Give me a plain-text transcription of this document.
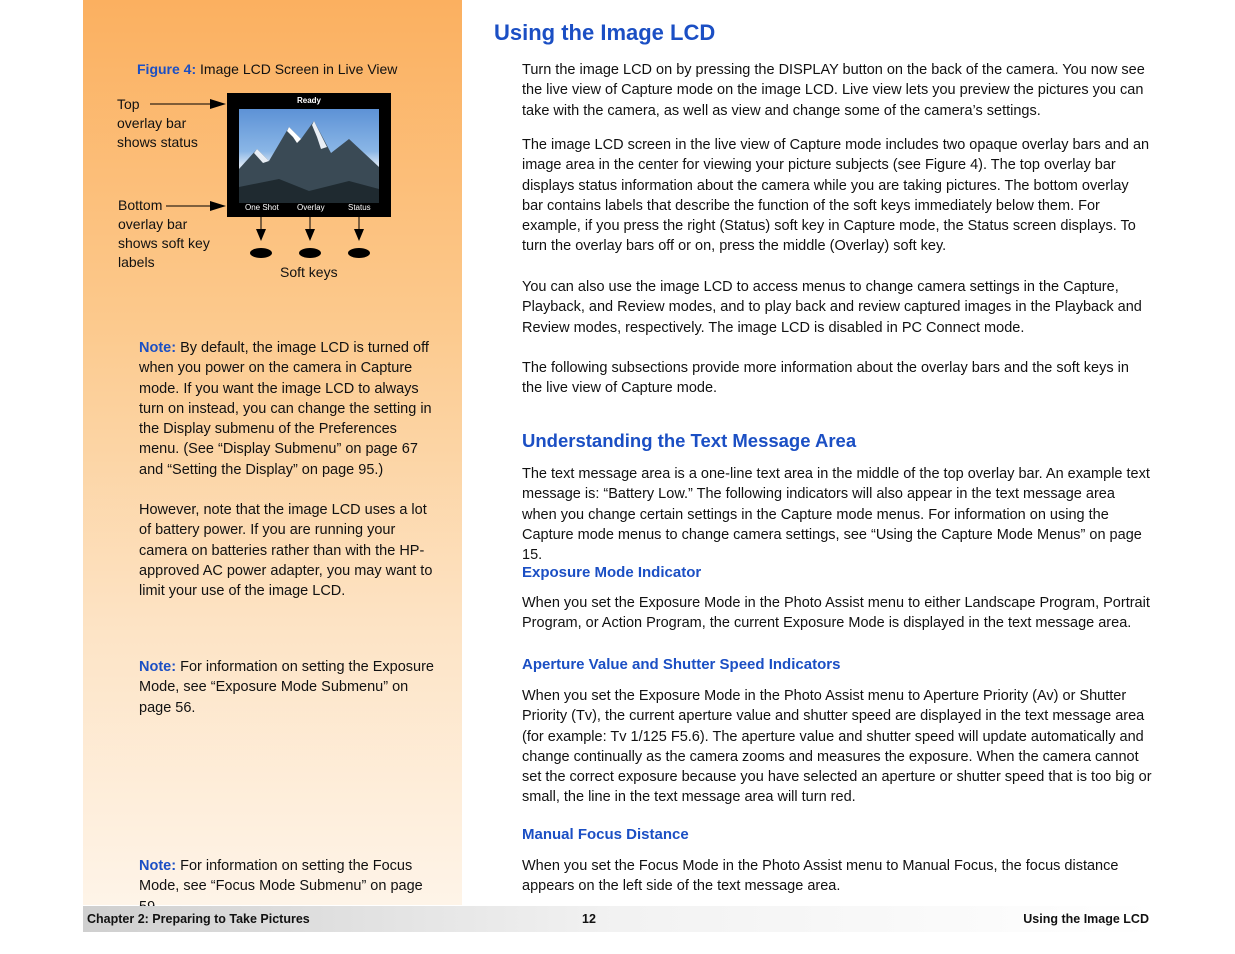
Figure 4: Image LCD Screen in Live View
Top
overlay bar
shows status
Bottom
overlay bar
shows soft key
labels
Ready
One Shot Overlay	Status
Soft keys
Note: By default, the image LCD is turned off when you power on the camera in Capture mode. If you want the image LCD to always turn on instead, you can change the setting in the Display submenu of the Preferences menu. (See “Display Submenu” on page 67 and “Setting the Display” on page 95.)
However, note that the image LCD uses a lot of battery power. If you are running your camera on batteries rather than with the HP-approved AC power adapter, you may want to limit your use of the image LCD.
Note: For information on setting the Exposure Mode, see “Exposure Mode Submenu” on page 56.
Note: For information on setting the Focus Mode, see “Focus Mode Submenu” on page
Using the Image LCD

Turn the image LCD on by pressing the DISPLAY button on the back of the camera. You now see the live view of Capture mode on the image LCD. Live view lets you preview the pictures you can take with the camera, as well as view and change some of the camera’s settings.

The image LCD screen in the live view of Capture mode includes two opaque overlay bars and an image area in the center for viewing your picture subjects (see Figure 4). The top overlay bar displays status information about the camera while you are taking pictures. The bottom overlay bar contains labels that describe the function of the soft keys immediately below them. For example, if you press the right (Status) soft key in Capture mode, the Status screen displays. To turn the overlay bars off or on, press the middle (Overlay) soft key.

You can also use the image LCD to access menus to change camera settings in the Capture, Playback, and Review modes, and to play back and review captured images in the Playback and Review modes, respectively. The image LCD is disabled in PC Connect mode.

The following subsections provide more information about the overlay bars and the soft keys in the live view of Capture mode.

Understanding the Text Message Area

The text message area is a one-line text area in the middle of the top overlay bar. An example text message is: “Battery Low.” The following indicators will also appear in the text message area when you change certain settings in the Capture mode menus. For information on using the Capture mode menus to change camera settings, see “Using the Capture Mode Menus” on page 15.

Exposure Mode Indicator

When you set the Exposure Mode in the Photo Assist menu to either Landscape Program, Portrait Program, or Action Program, the current Exposure Mode is displayed in the text message area.

Aperture Value and Shutter Speed Indicators

When you set the Exposure Mode in the Photo Assist menu to Aperture Priority (Av) or Shutter Priority (Tv), the current aperture value and shutter speed are displayed in the text message area (for example: Tv 1/125 F5.6). The aperture value and shutter speed will update automatically and change continually as the camera zooms and measures the exposure. When the camera cannot set the correct exposure because you have selected an aperture or shutter speed that is too big or small, the line in the text message area will turn red.

Manual Focus Distance

When you set the Focus Mode in the Photo Assist menu to Manual Focus, the focus distance appears on the left side of the text message area.

Chapter 2: Preparing to Take Pictures	12	Using the Image LCD
